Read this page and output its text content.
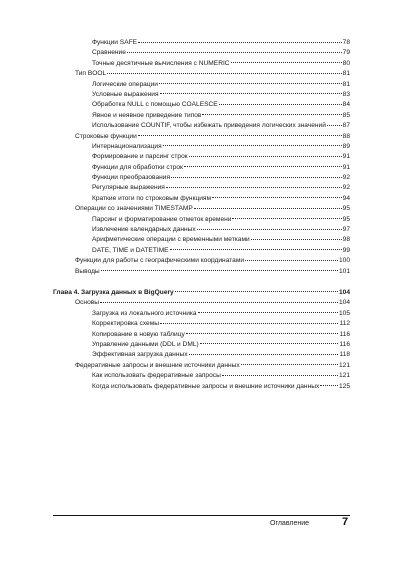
Функции SAFE	78
Сравнение	79
Точные десятичные вычисления с NUMERIC	80
Тип BOOL	81
Логические операции	81
Условные выражения	83
Обработка NULL с помощью COALESCE	84
Явное и неявное приведение типов	85
Использование COUNTIF, чтобы избежать приведения логических значений	87
Строковые функции	88
Интернационализация	89
Формирование и парсинг строк	91
Функции для обработки строк	91
Функции преобразования	92
Регулярные выражения	92
Краткие итоги по строковым функциям	94
Операции со значениями TIMESTAMP	95
Парсинг и форматирование отметок времени	95
Извлечение календарных данных	97
Арифметические операции с временными метками	98
DATE, TIME и DATETIME	99
Функции для работы с географическими координатами	100
Выводы	101
Глава 4. Загрузка данных в BigQuery	104
Основы	104
Загрузка из локального источника	105
Корректировка схемы	112
Копирование в новую таблицу	116
Управление данными (DDL и DML)	116
Эффективная загрузка данных	118
Федеративные запросы и внешние источники данных	121
Как использовать федеративные запросы	121
Когда использовать федеративные запросы и внешние источники данных	125
Оглавление	7
